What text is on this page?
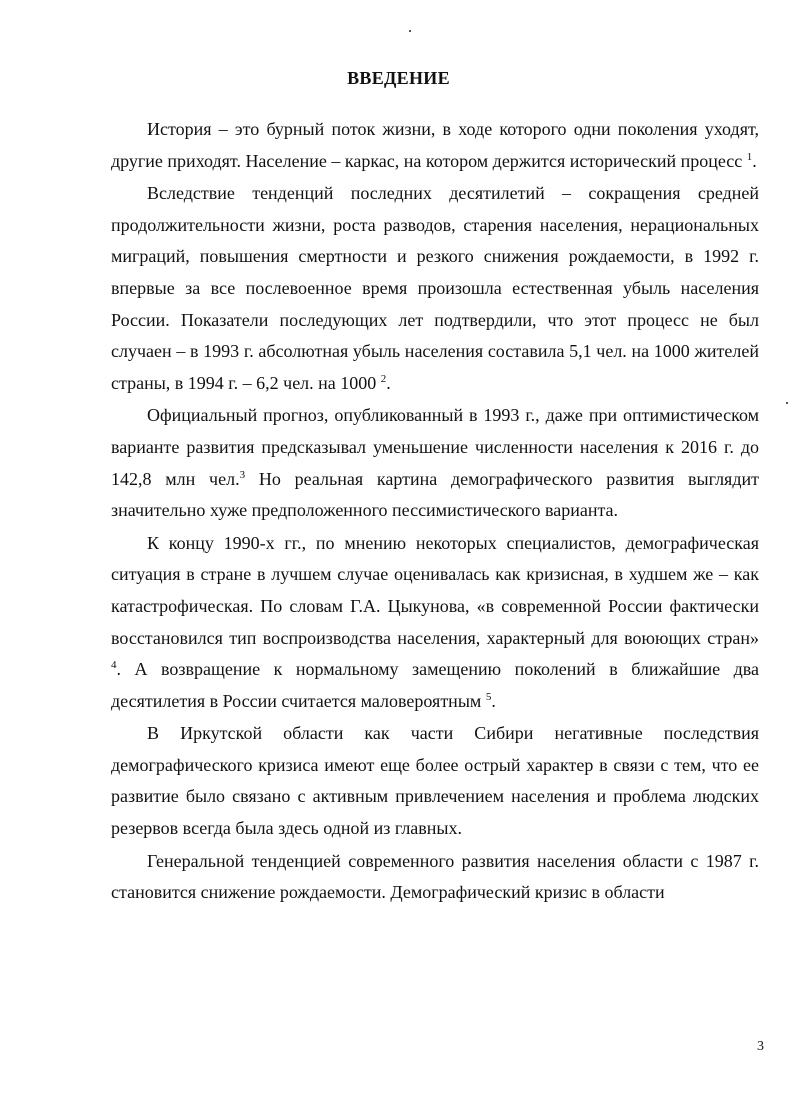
ВВЕДЕНИЕ

История – это бурный поток жизни, в ходе которого одни поколения уходят, другие приходят. Население – каркас, на котором держится исторический процесс $^1$.

Вследствие тенденций последних десятилетий – сокращения средней продолжительности жизни, роста разводов, старения населения, нерациональных миграций, повышения смертности и резкого снижения рождаемости, в 1992 г. впервые за все послевоенное время произошла естественная убыль населения России. Показатели последующих лет подтвердили, что этот процесс не был случаен – в 1993 г. абсолютная убыль населения составила 5,1 чел. на 1000 жителей страны, в 1994 г. – 6,2 чел. на 1000 $^2$.

Официальный прогноз, опубликованный в 1993 г., даже при оптимистическом варианте развития предсказывал уменьшение численности населения к 2016 г. до 142,8 млн чел.$^3$ Но реальная картина демографического развития выглядит значительно хуже предположенного пессимистического варианта.

К концу 1990-х гг., по мнению некоторых специалистов, демографическая ситуация в стране в лучшем случае оценивалась как кризисная, в худшем же – как катастрофическая. По словам Г.А. Цыкунова, «в современной России фактически восстановился тип воспроизводства населения, характерный для воюющих стран» $^4$. А возвращение к нормальному замещению поколений в ближайшие два десятилетия в России считается маловероятным $^5$.

В Иркутской области как части Сибири негативные последствия демографического кризиса имеют еще более острый характер в связи с тем, что ее развитие было связано с активным привлечением населения и проблема людских резервов всегда была здесь одной из главных.

Генеральной тенденцией современного развития населения области с 1987 г. становится снижение рождаемости. Демографический кризис в области

3
